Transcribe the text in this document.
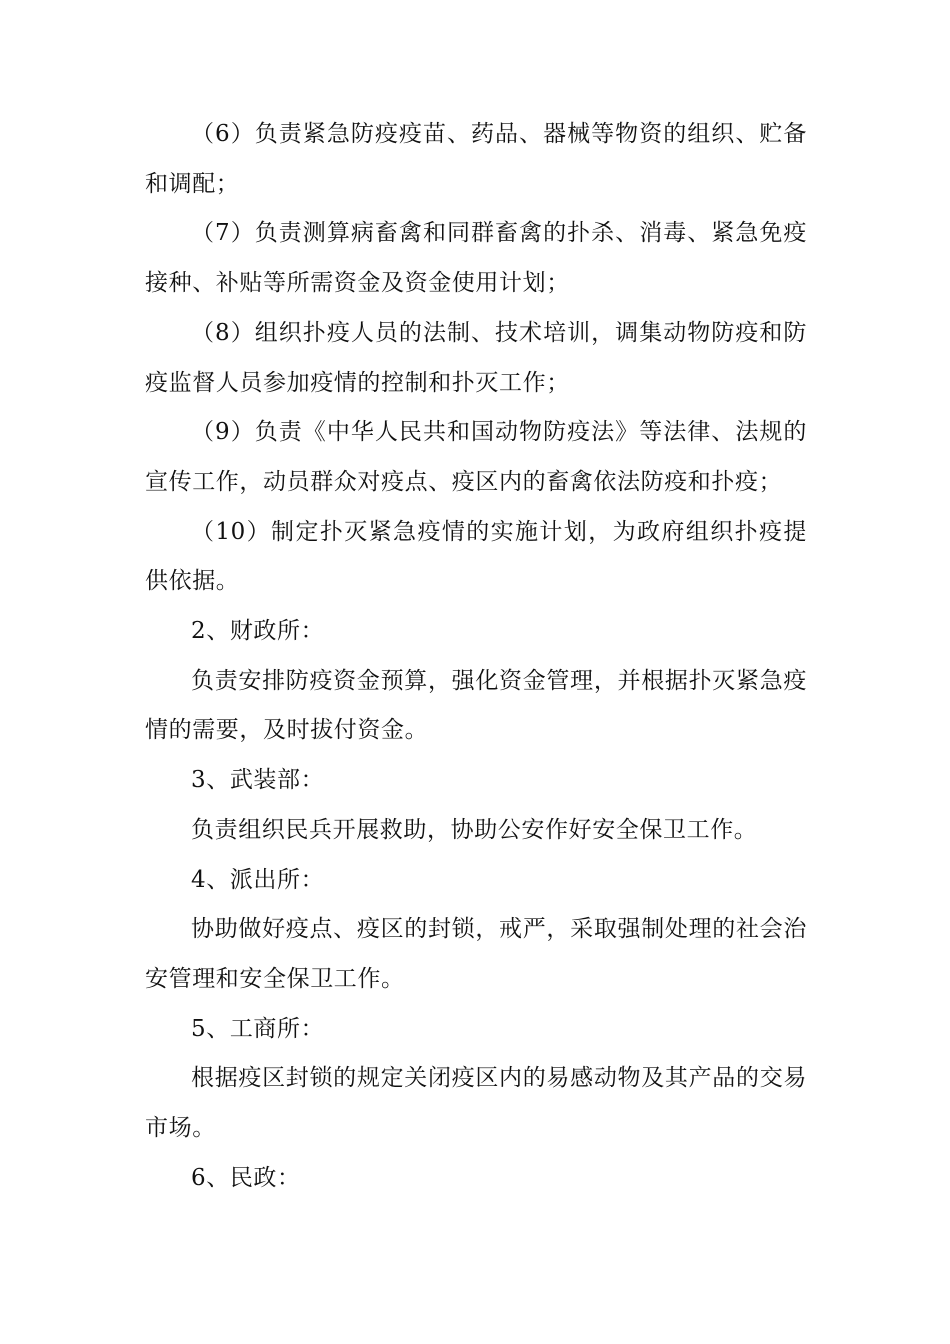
（6）负责紧急防疫疫苗、药品、器械等物资的组织、贮备和调配；

（7）负责测算病畜禽和同群畜禽的扑杀、消毒、紧急免疫接种、补贴等所需资金及资金使用计划；

（8）组织扑疫人员的法制、技术培训，调集动物防疫和防疫监督人员参加疫情的控制和扑灭工作；

（9）负责《中华人民共和国动物防疫法》等法律、法规的宣传工作，动员群众对疫点、疫区内的畜禽依法防疫和扑疫；

（10）制定扑灭紧急疫情的实施计划，为政府组织扑疫提供依据。

2、财政所：

负责安排防疫资金预算，强化资金管理，并根据扑灭紧急疫情的需要，及时拔付资金。

3、武装部：

负责组织民兵开展救助，协助公安作好安全保卫工作。

4、派出所：

协助做好疫点、疫区的封锁，戒严，采取强制处理的社会治安管理和安全保卫工作。

5、工商所：

根据疫区封锁的规定关闭疫区内的易感动物及其产品的交易市场。

6、民政：
